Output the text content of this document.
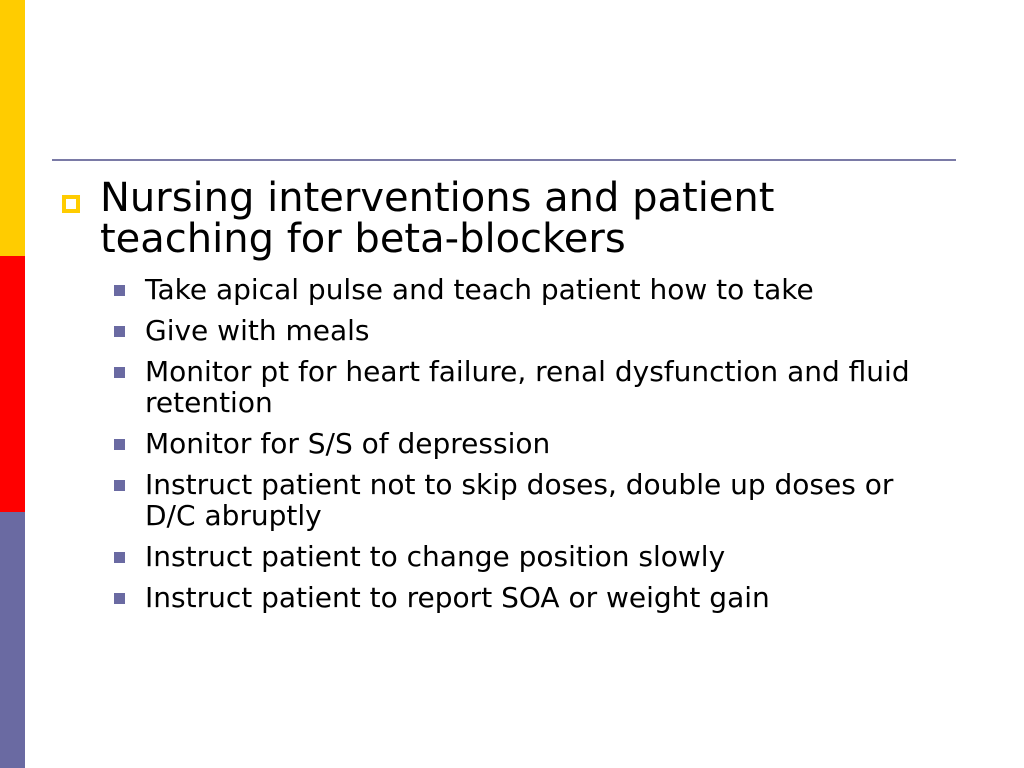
Nursing interventions and patient teaching for beta-blockers
Take apical pulse and teach patient how to take
Give with meals
Monitor pt for heart failure, renal dysfunction and fluid retention
Monitor for S/S of depression
Instruct patient not to skip doses, double up doses or D/C abruptly
Instruct patient to change position slowly
Instruct patient to report SOA or weight gain
